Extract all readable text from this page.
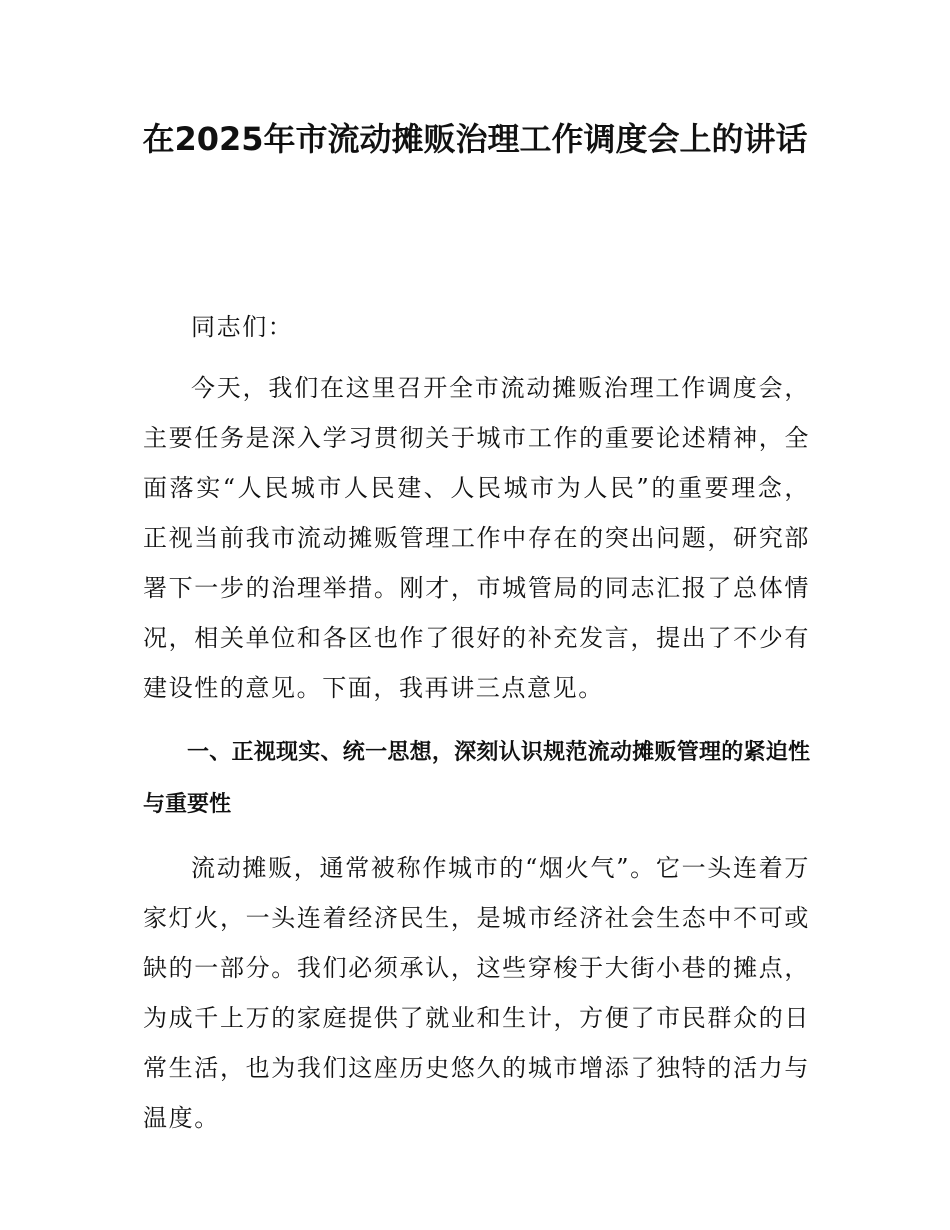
在2025年市流动摊贩治理工作调度会上的讲话

同志们：

今天，我们在这里召开全市流动摊贩治理工作调度会，主要任务是深入学习贯彻关于城市工作的重要论述精神，全面落实“人民城市人民建、人民城市为人民”的重要理念，正视当前我市流动摊贩管理工作中存在的突出问题，研究部署下一步的治理举措。刚才，市城管局的同志汇报了总体情况，相关单位和各区也作了很好的补充发言，提出了不少有建设性的意见。下面，我再讲三点意见。

一、正视现实、统一思想，深刻认识规范流动摊贩管理的紧迫性与重要性

流动摊贩，通常被称作城市的“烟火气”。它一头连着万家灯火，一头连着经济民生，是城市经济社会生态中不可或缺的一部分。我们必须承认，这些穿梭于大街小巷的摊点，为成千上万的家庭提供了就业和生计，方便了市民群众的日常生活，也为我们这座历史悠久的城市增添了独特的活力与温度。
